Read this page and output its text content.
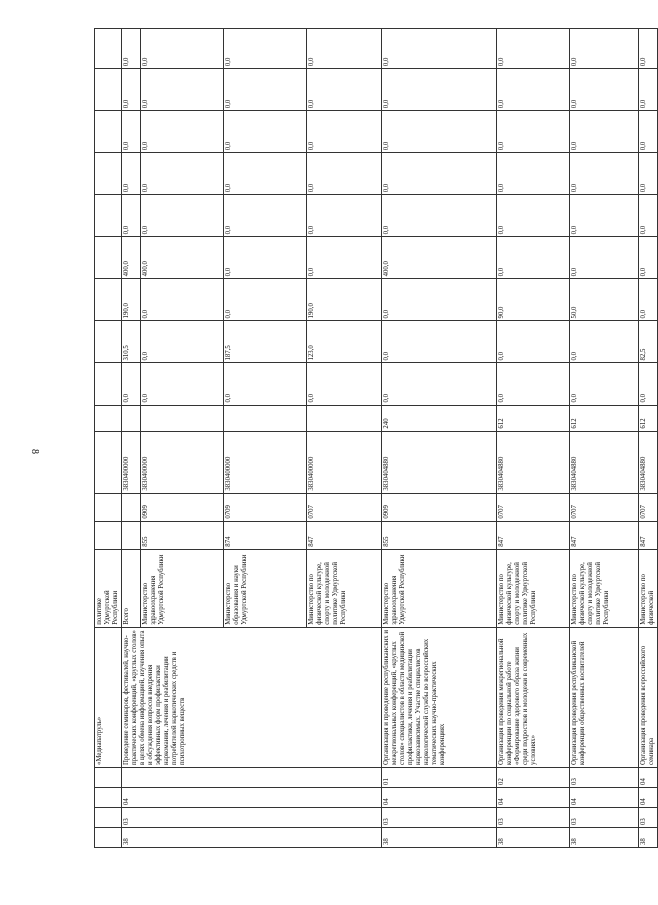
8
				«Медиапатруль»	политике
Удмуртской
Республики													
38	03	04		Проведение семинаров, фестивалей, научно-практических конференций, «круглых столов» в целях обмена информацией, изучения опыта и обсуждения вопросов внедрения эффективных форм профилактики наркомании, лечения и реабилитации потребителей наркотических средств и психотропных веществ	Всего			3830400000		0,0	310,5	190,0	400,0	0,0	0,0	0,0	0,0	0,0
					Министерство здравоохранения Удмуртской Республики	855	0909	3830400000		0,0	0,0	0,0	400,0	0,0	0,0	0,0	0,0	0,0
					Министерство образования и науки Удмуртской Республики	874	0709	3830400000		0,0	187,5	0,0	0,0	0,0	0,0	0,0	0,0	0,0
					Министерство по физической культуре, спорту и молодежной политике Удмуртской Республики	847	0707	3830400000		0,0	123,0	190,0	0,0	0,0	0,0	0,0	0,0	0,0
38	03	04	01	Организация и проведение республиканских и межрегиональных конференций, «круглых столов» специалистов в области медицинской профилактики, лечения и реабилитации наркозависимых. Участие специалистов наркологической службы во всероссийских тематических научно-практических конференциях	Министерство здравоохранения Удмуртской Республики	855	0909	3830404880	240	0,0	0,0	0,0	400,0	0,0	0,0	0,0	0,0	0,0
38	03	04	02	Организация проведения межрегиональной конференции по социальной работе «Формирование здорового образа жизни среди подростков и молодежи в современных условиях»	Министерство по физической культуре, спорту и молодежной политике Удмуртской Республики	847	0707	3830404880	612	0,0	0,0	90,0	0,0	0,0	0,0	0,0	0,0	0,0
38	03	04	03	Организация проведения республиканской конференции общественных воспитателей	Министерство по физической культуре, спорту и молодежной политике Удмуртской Республики	847	0707	3830404880	612	0,0	0,0	50,0	0,0	0,0	0,0	0,0	0,0	0,0
38	03	04	04	Организация проведения всероссийского семинара	Министерство по физической	847	0707	3830404880	612	0,0	82,5	0,0	0,0	0,0	0,0	0,0	0,0	0,0
